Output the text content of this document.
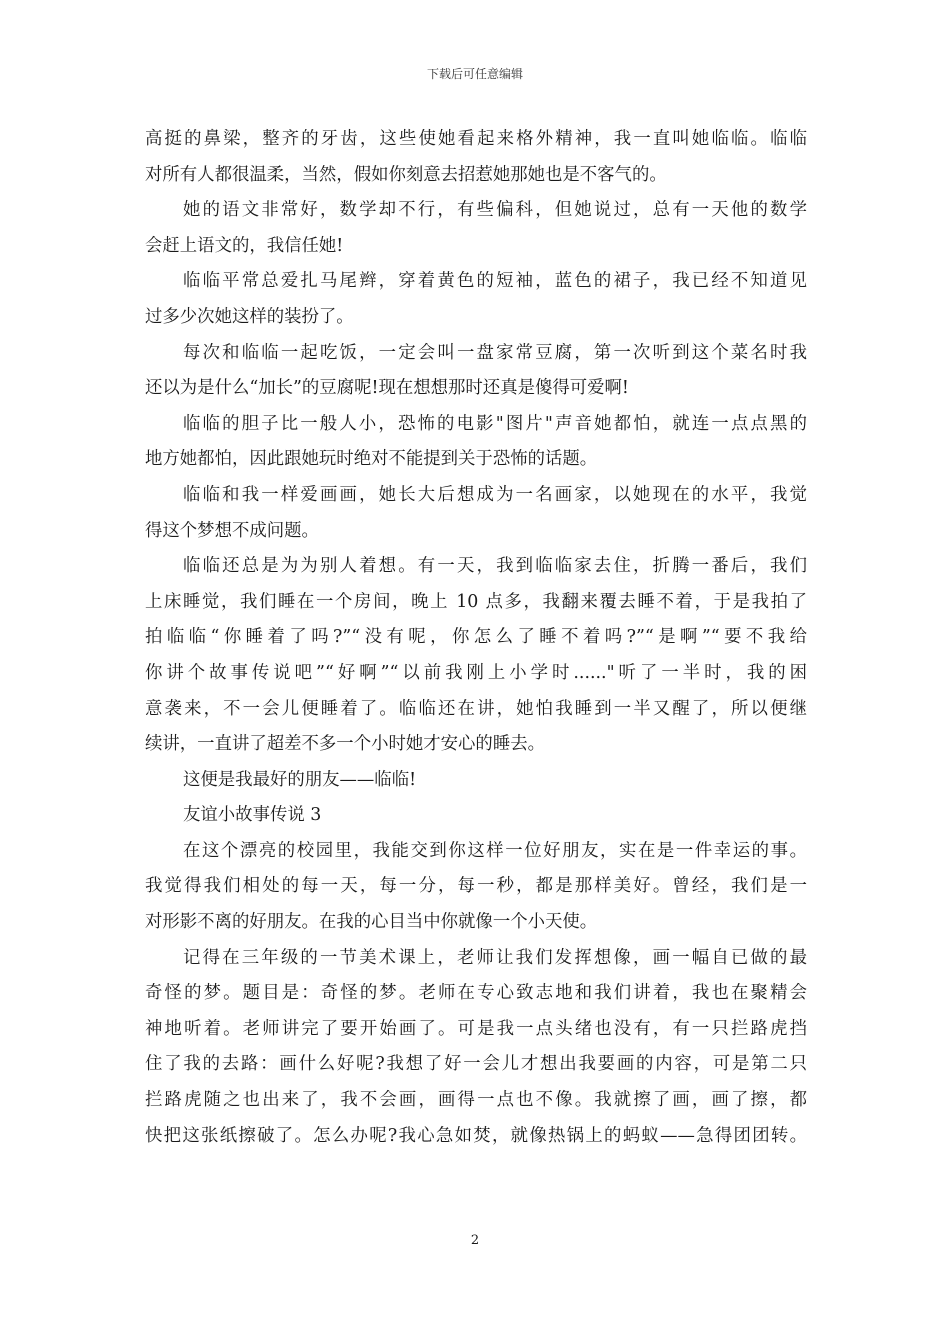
下载后可任意编辑
高挺的鼻梁，整齐的牙齿，这些使她看起来格外精神，我一直叫她临临。临临
对所有人都很温柔，当然，假如你刻意去招惹她那她也是不客气的。
她的语文非常好，数学却不行，有些偏科，但她说过，总有一天他的数学
会赶上语文的，我信任她!
临临平常总爱扎马尾辫，穿着黄色的短袖，蓝色的裙子，我已经不知道见
过多少次她这样的装扮了。
每次和临临一起吃饭，一定会叫一盘家常豆腐，第一次听到这个菜名时我
还以为是什么“加长”的豆腐呢!现在想想那时还真是傻得可爱啊!
临临的胆子比一般人小，恐怖的电影"图片"声音她都怕，就连一点点黑的
地方她都怕，因此跟她玩时绝对不能提到关于恐怖的话题。
临临和我一样爱画画，她长大后想成为一名画家，以她现在的水平，我觉
得这个梦想不成问题。
临临还总是为为别人着想。有一天，我到临临家去住，折腾一番后，我们
上床睡觉，我们睡在一个房间，晚上 10 点多，我翻来覆去睡不着，于是我拍了
拍临临“你睡着了吗?”“没有呢，你怎么了睡不着吗?”“是啊”“要不我给
你讲个故事传说吧”“好啊”“以前我刚上小学时......"听了一半时，我的困
意袭来，不一会儿便睡着了。临临还在讲，她怕我睡到一半又醒了，所以便继
续讲，一直讲了超差不多一个小时她才安心的睡去。
这便是我最好的朋友——临临!
友谊小故事传说 3
在这个漂亮的校园里，我能交到你这样一位好朋友，实在是一件幸运的事。
我觉得我们相处的每一天，每一分，每一秒，都是那样美好。曾经，我们是一
对形影不离的好朋友。在我的心目当中你就像一个小天使。
记得在三年级的一节美术课上，老师让我们发挥想像，画一幅自已做的最
奇怪的梦。题目是：奇怪的梦。老师在专心致志地和我们讲着，我也在聚精会
神地听着。老师讲完了要开始画了。可是我一点头绪也没有，有一只拦路虎挡
住了我的去路：画什么好呢?我想了好一会儿才想出我要画的内容，可是第二只
拦路虎随之也出来了，我不会画，画得一点也不像。我就擦了画，画了擦，都
快把这张纸擦破了。怎么办呢?我心急如焚，就像热锅上的蚂蚁——急得团团转。
2
